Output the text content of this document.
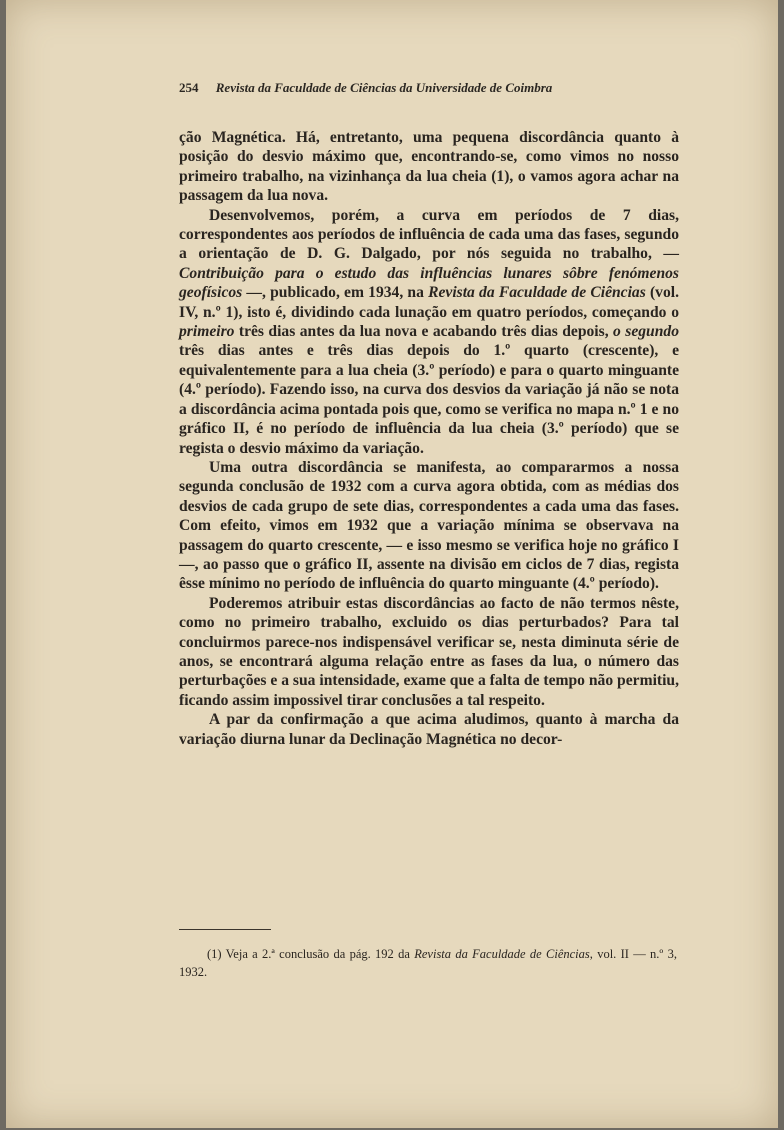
254 Revista da Faculdade de Ciências da Universidade de Coimbra

ção Magnética. Há, entretanto, uma pequena discordância quanto à posição do desvio máximo que, encontrando-se, como vimos no nosso primeiro trabalho, na vizinhança da lua cheia (1), o vamos agora achar na passagem da lua nova.

Desenvolvemos, porém, a curva em períodos de 7 dias, correspondentes aos períodos de influência de cada uma das fases, segundo a orientação de D. G. Dalgado, por nós seguida no trabalho, — Contribuição para o estudo das influências lunares sôbre fenómenos geofísicos —, publicado, em 1934, na Revista da Faculdade de Ciências (vol. IV, n.º 1), isto é, dividindo cada lunação em quatro períodos, começando o primeiro três dias antes da lua nova e acabando três dias depois, o segundo três dias antes e três dias depois do 1.º quarto (crescente), e equivalentemente para a lua cheia (3.º período) e para o quarto minguante (4.º período). Fazendo isso, na curva dos desvios da variação já não se nota a discordância acima pontada pois que, como se verifica no mapa n.º 1 e no gráfico II, é no período de influência da lua cheia (3.º período) que se regista o desvio máximo da variação.

Uma outra discordância se manifesta, ao compararmos a nossa segunda conclusão de 1932 com a curva agora obtida, com as médias dos desvios de cada grupo de sete dias, correspondentes a cada uma das fases. Com efeito, vimos em 1932 que a variação mínima se observava na passagem do quarto crescente, — e isso mesmo se verifica hoje no gráfico I —, ao passo que o gráfico II, assente na divisão em ciclos de 7 dias, regista êsse mínimo no período de influência do quarto minguante (4.º período).

Poderemos atribuir estas discordâncias ao facto de não termos nêste, como no primeiro trabalho, excluido os dias perturbados? Para tal concluirmos parece-nos indispensável verificar se, nesta diminuta série de anos, se encontrará alguma relação entre as fases da lua, o número das perturbações e a sua intensidade, exame que a falta de tempo não permitiu, ficando assim impossivel tirar conclusões a tal respeito.

A par da confirmação a que acima aludimos, quanto à marcha da variação diurna lunar da Declinação Magnética no decor-

(1) Veja a 2.ª conclusão da pág. 192 da Revista da Faculdade de Ciências, vol. II — n.º 3, 1932.
